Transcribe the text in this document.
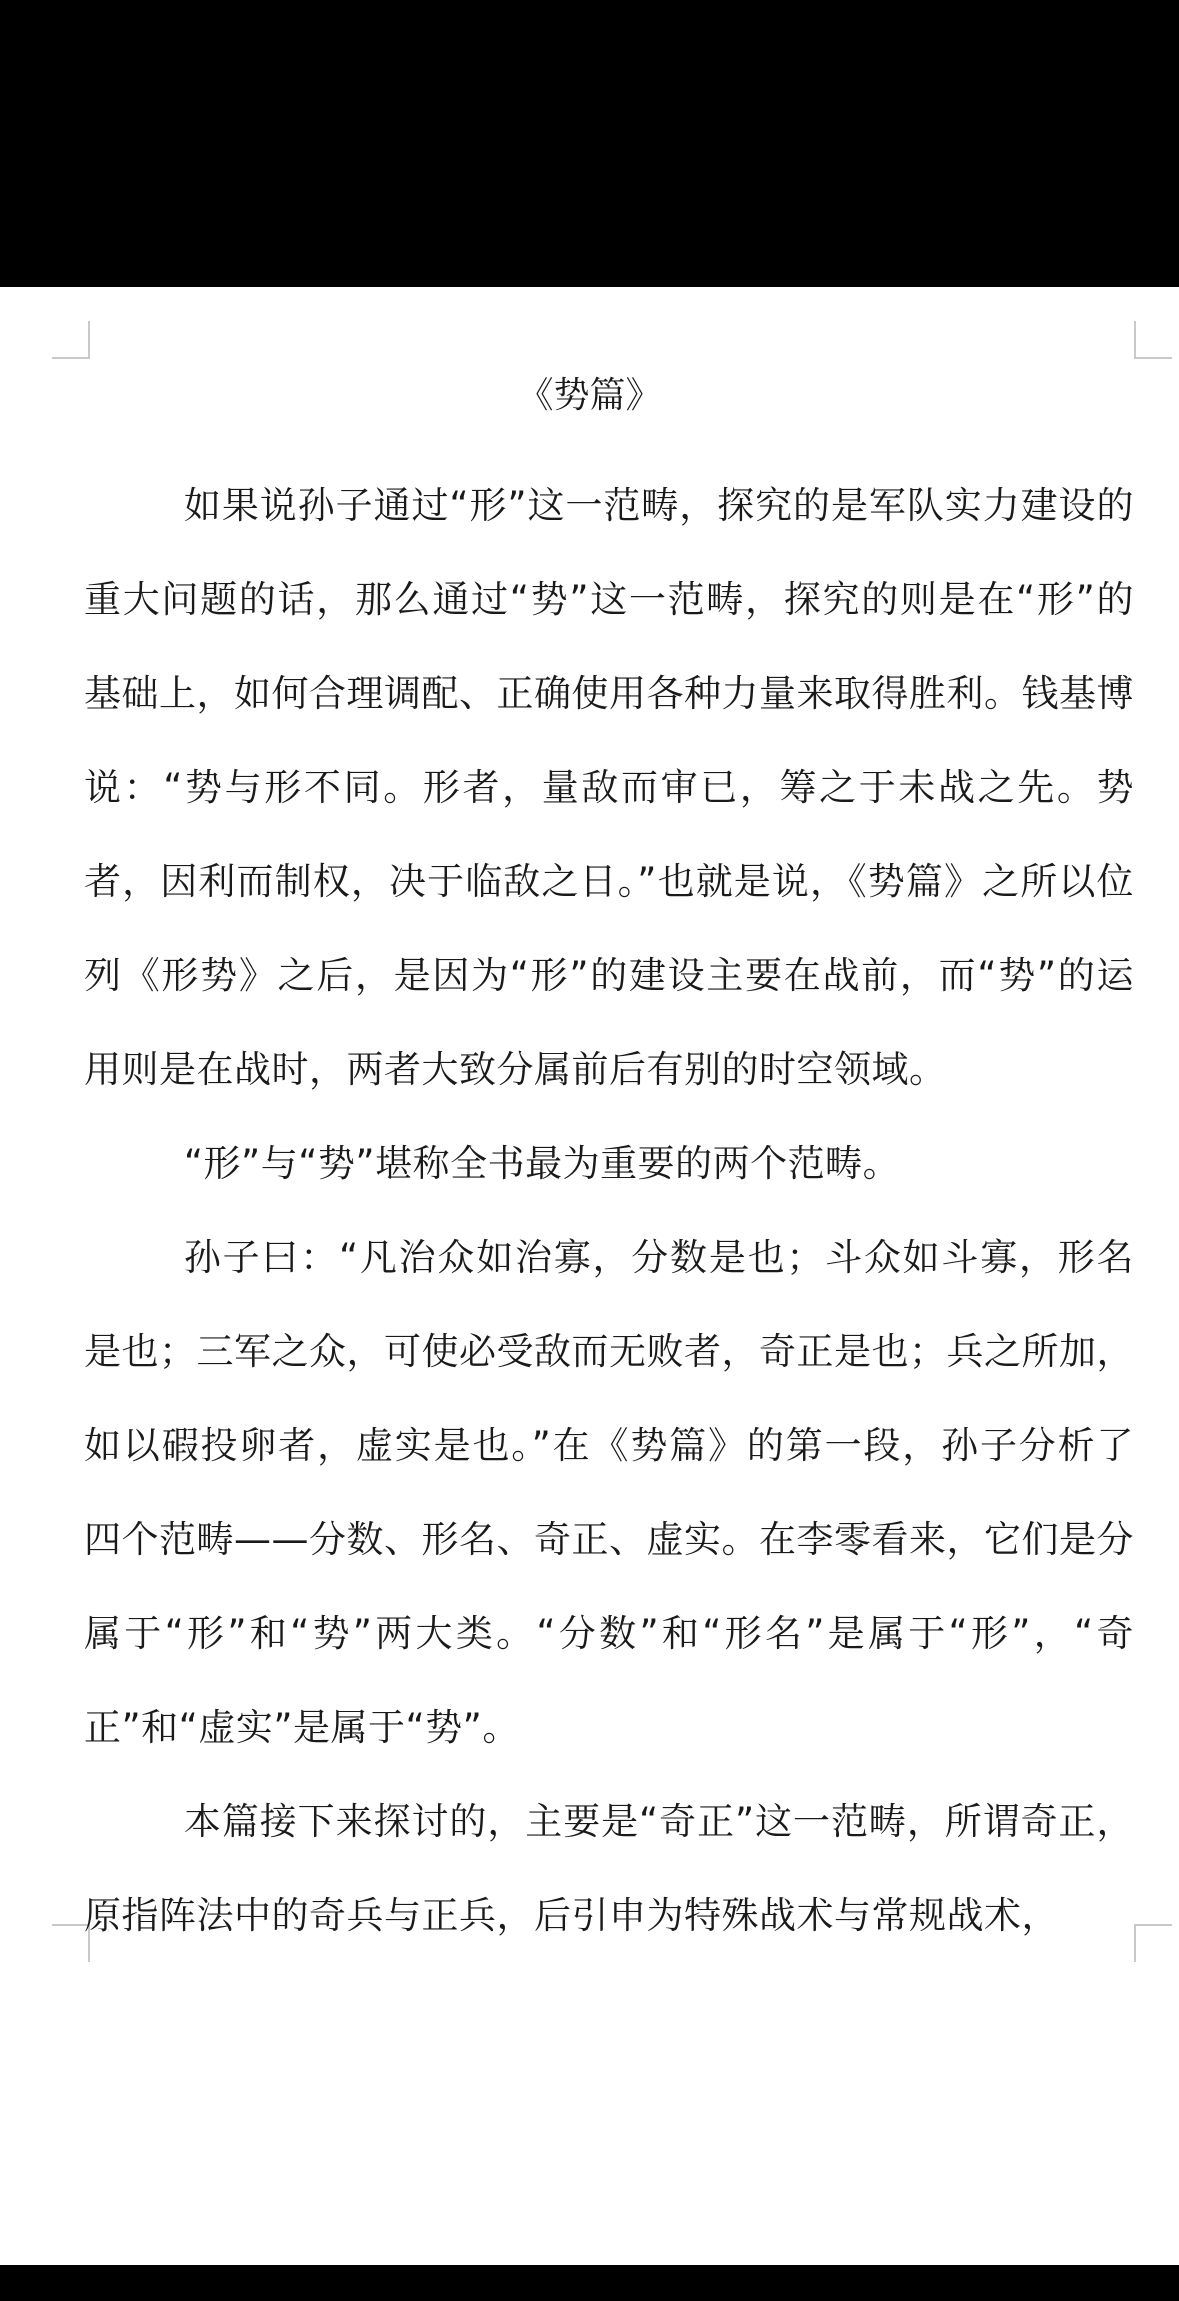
《势篇》

如果说孙子通过“形”这一范畴，探究的是军队实力建设的重大问题的话，那么通过“势”这一范畴，探究的则是在“形”的基础上，如何合理调配、正确使用各种力量来取得胜利。钱基博说：“势与形不同。形者，量敌而审已，筹之于未战之先。势者，因利而制权，决于临敌之日。”也就是说，《势篇》之所以位列《形势》之后，是因为“形”的建设主要在战前，而“势”的运用则是在战时，两者大致分属前后有别的时空领域。

“形”与“势”堪称全书最为重要的两个范畴。

孙子曰：“凡治众如治寡，分数是也；斗众如斗寡，形名是也；三军之众，可使必受敌而无败者，奇正是也；兵之所加，如以碬投卵者，虚实是也。”在《势篇》的第一段，孙子分析了四个范畴——分数、形名、奇正、虚实。在李零看来，它们是分属于“形”和“势”两大类。“分数”和“形名”是属于“形”，“奇正”和“虚实”是属于“势”。

本篇接下来探讨的，主要是“奇正”这一范畴，所谓奇正，原指阵法中的奇兵与正兵，后引申为特殊战术与常规战术，
